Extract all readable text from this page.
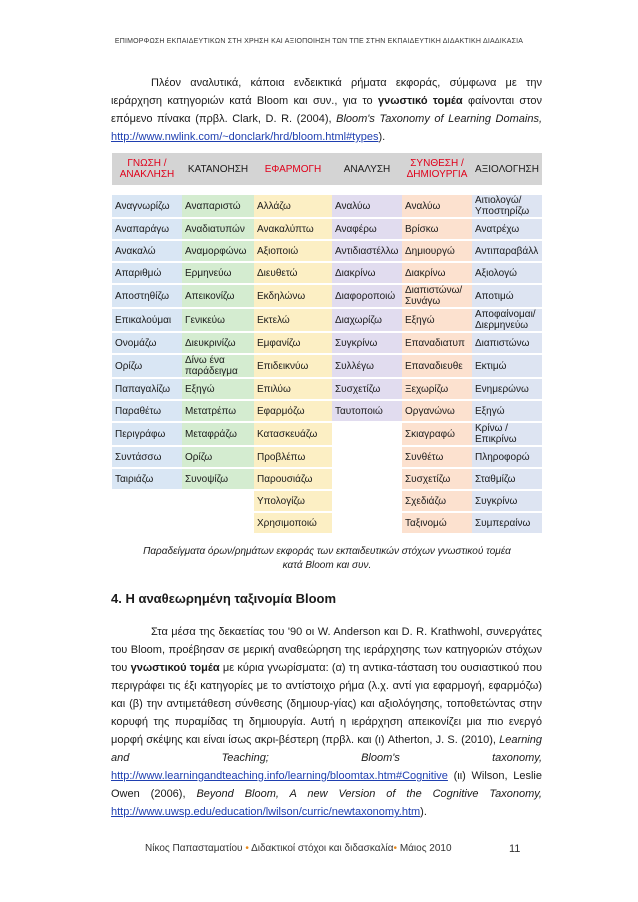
ΕΠΙΜΟΡΦΩΣΗ ΕΚΠΑΙΔΕΥΤΙΚΩΝ ΣΤΗ ΧΡΗΣΗ ΚΑΙ ΑΞΙΟΠΟΙΗΣΗ ΤΩΝ ΤΠΕ ΣΤΗΝ ΕΚΠΑΙΔΕΥΤΙΚΗ ΔΙΔΑΚΤΙΚΗ ΔΙΑΔΙΚΑΣΙΑ
Πλέον αναλυτικά, κάποια ενδεικτικά ρήματα εκφοράς, σύμφωνα με την ιεράρχηση κατηγοριών κατά Bloom και συν., για το γνωστικό τομέα φαίνονται στον επόμενο πίνακα (πρβλ. Clark, D. R. (2004), Bloom's Taxonomy of Learning Domains, http://www.nwlink.com/~donclark/hrd/bloom.html#types).
ΓΝΩΣΗ / ΑΝΑΚΛΗΣΗ	ΚΑΤΑΝΟΗΣΗ	ΕΦΑΡΜΟΓΗ	ΑΝΑΛΥΣΗ	ΣΥΝΘΕΣΗ / ΔΗΜΙΟΥΡΓΙΑ	ΑΞΙΟΛΟΓΗΣΗ

Αναγνωρίζω	Αναπαριστώ	Αλλάζω	Αναλύω	Αναλύω	Αιτιολογώ/ Υποστηρίζω
Αναπαράγω	Αναδιατυπών	Ανακαλύπτω	Αναφέρω	Βρίσκω	Ανατρέχω
Ανακαλώ	Αναμορφώνω	Αξιοποιώ	Αντιδιαστέλλω	Δημιουργώ	Αντιπαραβάλλ
Απαριθμώ	Ερμηνεύω	Διευθετώ	Διακρίνω	Διακρίνω	Αξιολογώ
Αποστηθίζω	Απεικονίζω	Εκδηλώνω	Διαφοροποιώ	Διαπιστώνω/ Συνάγω	Αποτιμώ
Επικαλούμαι	Γενικεύω	Εκτελώ	Διαχωρίζω	Εξηγώ	Αποφαίνομαι/ Διερμηνεύω
Ονομάζω	Διευκρινίζω	Εμφανίζω	Συγκρίνω	Επαναδιατυπ	Διαπιστώνω
Ορίζω	Δίνω ένα παράδειγμα	Επιδεικνύω	Συλλέγω	Επαναδιευθε	Εκτιμώ
Παπαγαλίζω	Εξηγώ	Επιλύω	Συσχετίζω	Ξεχωρίζω	Ενημερώνω
Παραθέτω	Μετατρέπω	Εφαρμόζω	Ταυτοποιώ	Οργανώνω	Εξηγώ
Περιγράφω	Μεταφράζω	Κατασκευάζω		Σκιαγραφώ	Κρίνω / Επικρίνω
Συντάσσω	Ορίζω	Προβλέπω		Συνθέτω	Πληροφορώ
Ταιριάζω	Συνοψίζω	Παρουσιάζω		Συσχετίζω	Σταθμίζω
		Υπολογίζω		Σχεδιάζω	Συγκρίνω
		Χρησιμοποιώ		Ταξινομώ	Συμπεραίνω
Παραδείγματα όρων/ρημάτων εκφοράς των εκπαιδευτικών στόχων γνωστικού τομέα
κατά Bloom και συν.
4. Η αναθεωρημένη ταξινομία Bloom
Στα μέσα της δεκαετίας του '90 οι W. Anderson και D. R. Krathwohl, συνεργάτες του Bloom, προέβησαν σε μερική αναθεώρηση της ιεράρχησης των κατηγοριών στόχων του γνωστικού τομέα με κύρια γνωρίσματα: (α) τη αντικα-τάσταση του ουσιαστικού που περιγράφει τις έξι κατηγορίες με το αντίστοιχο ρήμα (λ.χ. αντί για εφαρμογή, εφαρμόζω) και (β) την αντιμετάθεση σύνθεσης (δημιουρ-γίας) και αξιολόγησης, τοποθετώντας στην κορυφή της πυραμίδας τη δημιουργία. Αυτή η ιεράρχηση απεικονίζει μια πιο ενεργό μορφή σκέψης και είναι ίσως ακρι-βέστερη (πρβλ. και (ι) Atherton, J. S. (2010), Learning and Teaching; Bloom's taxonomy, http://www.learningandteaching.info/learning/bloomtax.htm#Cognitive (ιι) Wilson, Leslie Owen (2006), Beyond Bloom, A new Version of the Cognitive Taxonomy, http://www.uwsp.edu/education/lwilson/curric/newtaxonomy.htm).
Νίκος Παπασταματίου • Διδακτικοί στόχοι και διδασκαλία• Μάιος 2010	11
